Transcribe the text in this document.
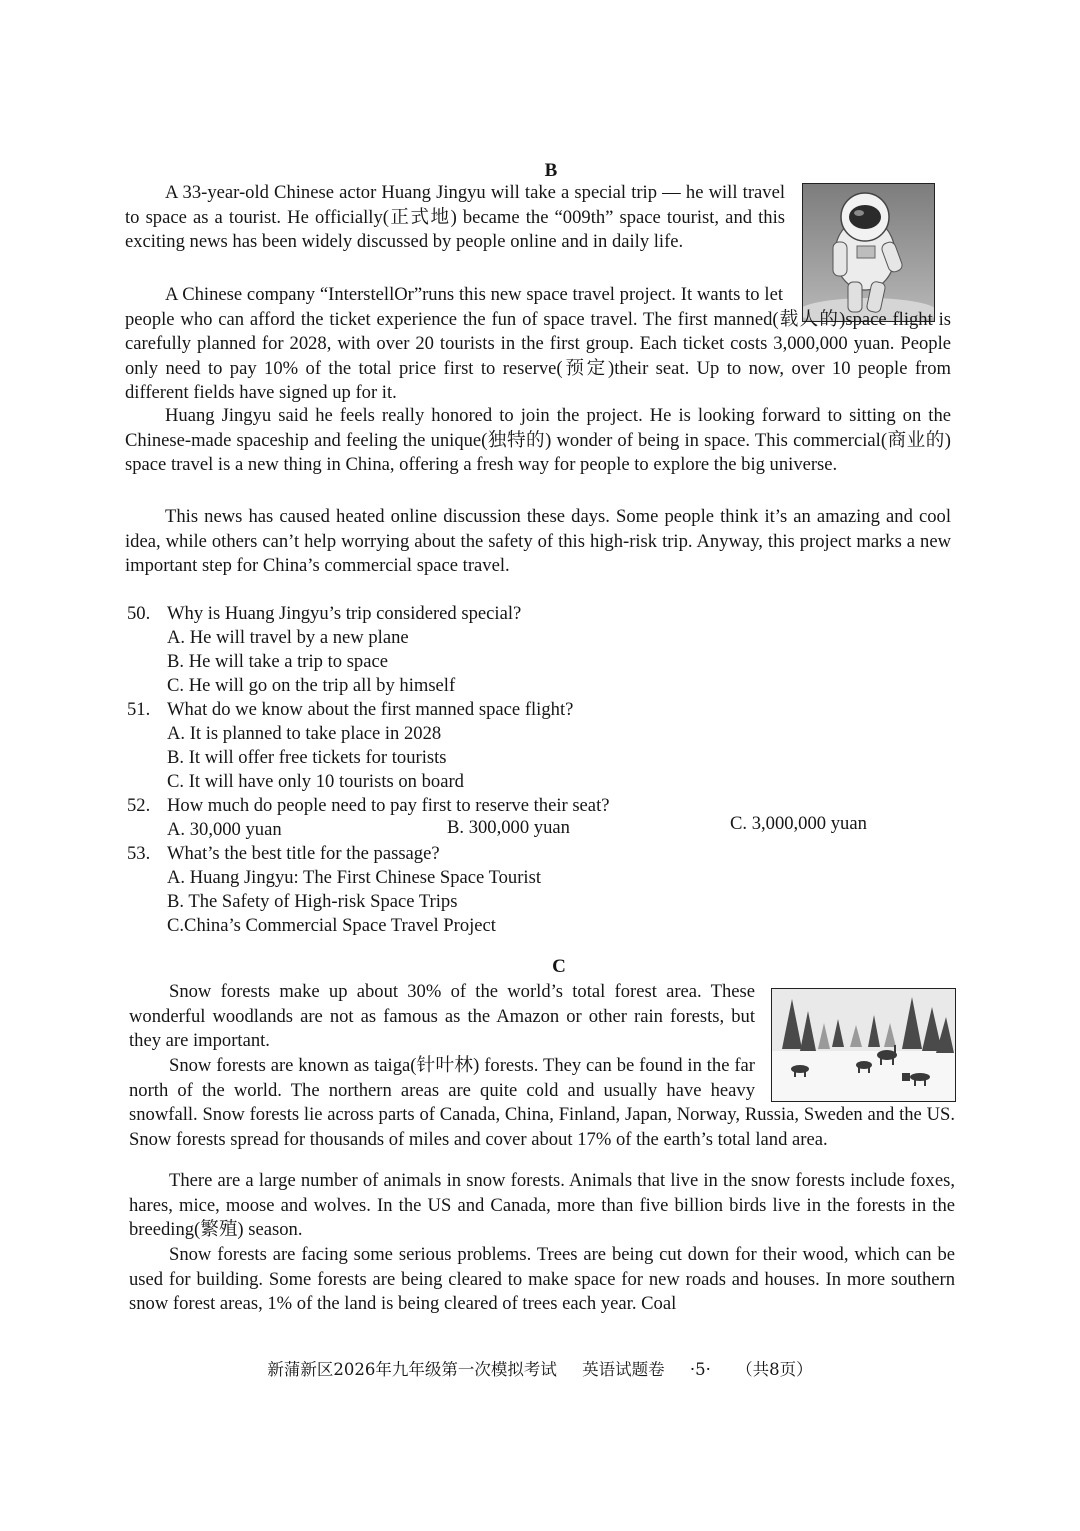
B

A 33-year-old Chinese actor Huang Jingyu will take a special trip — he will travel to space as a tourist. He officially(正式地) became the “009th” space tourist, and this exciting news has been widely discussed by people online and in daily life.

A Chinese company “InterstellOr”runs this new space travel project. It wants to let people who can afford the ticket experience the fun of space travel. The first manned(载人的)space flight is carefully planned for 2028, with over 20 tourists in the first group. Each ticket costs 3,000,000 yuan. People only need to pay 10% of the total price first to reserve(预定)their seat. Up to now, over 10 people from different fields have signed up for it.

Huang Jingyu said he feels really honored to join the project. He is looking forward to sitting on the Chinese-made spaceship and feeling the unique(独特的) wonder of being in space. This commercial(商业的) space travel is a new thing in China, offering a fresh way for people to explore the big universe.

This news has caused heated online discussion these days. Some people think it’s an amazing and cool idea, while others can’t help worrying about the safety of this high-risk trip. Anyway, this project marks a new important step for China’s commercial space travel.

50. Why is Huang Jingyu’s trip considered special?
A. He will travel by a new plane
B. He will take a trip to space
C. He will go on the trip all by himself
51. What do we know about the first manned space flight?
A. It is planned to take place in 2028
B. It will offer free tickets for tourists
C. It will have only 10 tourists on board
52. How much do people need to pay first to reserve their seat?
A. 30,000 yuan	B. 300,000 yuan	C. 3,000,000 yuan
53. What’s the best title for the passage?
A. Huang Jingyu: The First Chinese Space Tourist
B. The Safety of High-risk Space Trips
C.China’s Commercial Space Travel Project
C

Snow forests make up about 30% of the world’s total forest area. These wonderful woodlands are not as famous as the Amazon or other rain forests, but they are important.

Snow forests are known as taiga(针叶林) forests. They can be found in the far north of the world. The northern areas are quite cold and usually have heavy snowfall. Snow forests lie across parts of Canada, China, Finland, Japan, Norway, Russia, Sweden and the US. Snow forests spread for thousands of miles and cover about 17% of the earth’s total land area.

There are a large number of animals in snow forests. Animals that live in the snow forests include foxes, hares, mice, moose and wolves. In the US and Canada, more than five billion birds live in the forests in the breeding(繁殖) season.

Snow forests are facing some serious problems. Trees are being cut down for their wood, which can be used for building. Some forests are being cleared to make space for new roads and houses. In more southern snow forest areas, 1% of the land is being cleared of trees each year. Coal

新蒲新区2026年九年级第一次模拟考试 英语试题卷 ·5· （共8页）
